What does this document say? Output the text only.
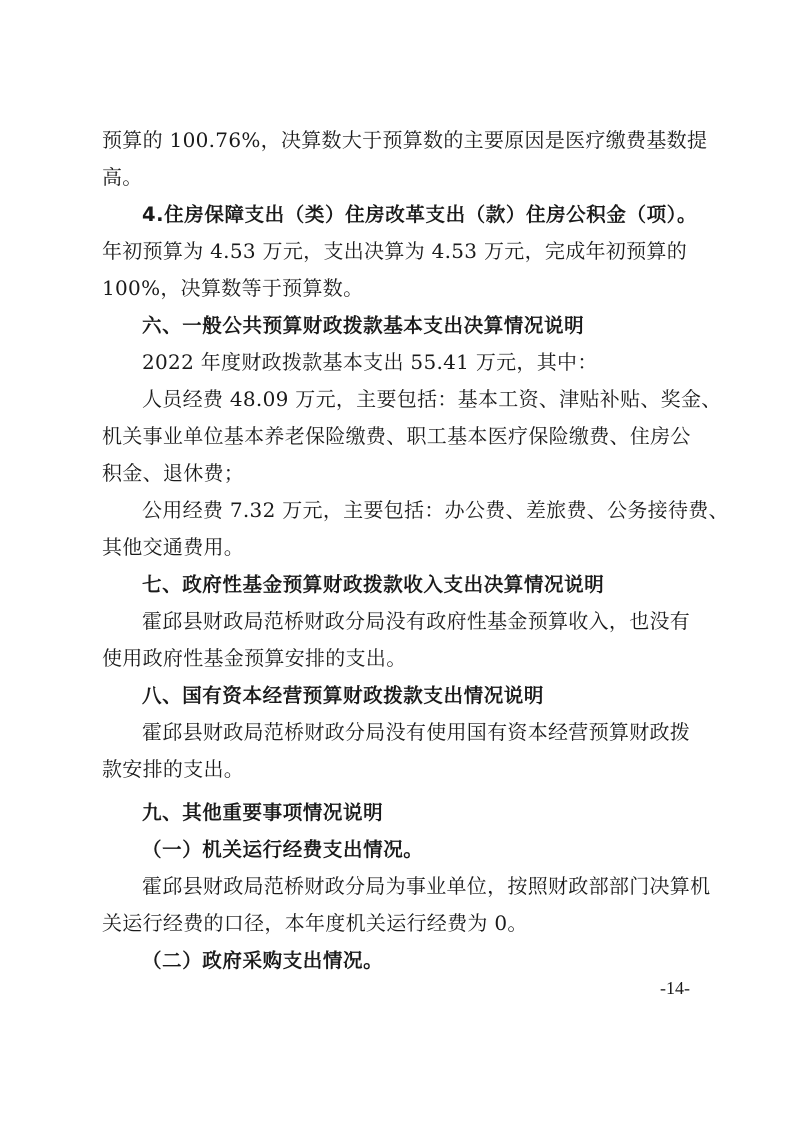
预算的 100.76%，决算数大于预算数的主要原因是医疗缴费基数提
高。
4.住房保障支出（类）住房改革支出（款）住房公积金（项）。
年初预算为 4.53 万元，支出决算为 4.53 万元，完成年初预算的
100%，决算数等于预算数。
六、一般公共预算财政拨款基本支出决算情况说明
2022 年度财政拨款基本支出 55.41 万元，其中：
人员经费 48.09 万元，主要包括：基本工资、津贴补贴、奖金、
机关事业单位基本养老保险缴费、职工基本医疗保险缴费、住房公
积金、退休费；
公用经费 7.32 万元，主要包括：办公费、差旅费、公务接待费、
其他交通费用。
七、政府性基金预算财政拨款收入支出决算情况说明
霍邱县财政局范桥财政分局没有政府性基金预算收入，也没有
使用政府性基金预算安排的支出。
八、国有资本经营预算财政拨款支出情况说明
霍邱县财政局范桥财政分局没有使用国有资本经营预算财政拨
款安排的支出。
九、其他重要事项情况说明
（一）机关运行经费支出情况。
霍邱县财政局范桥财政分局为事业单位，按照财政部部门决算机
关运行经费的口径，本年度机关运行经费为 0。
（二）政府采购支出情况。
-14-
